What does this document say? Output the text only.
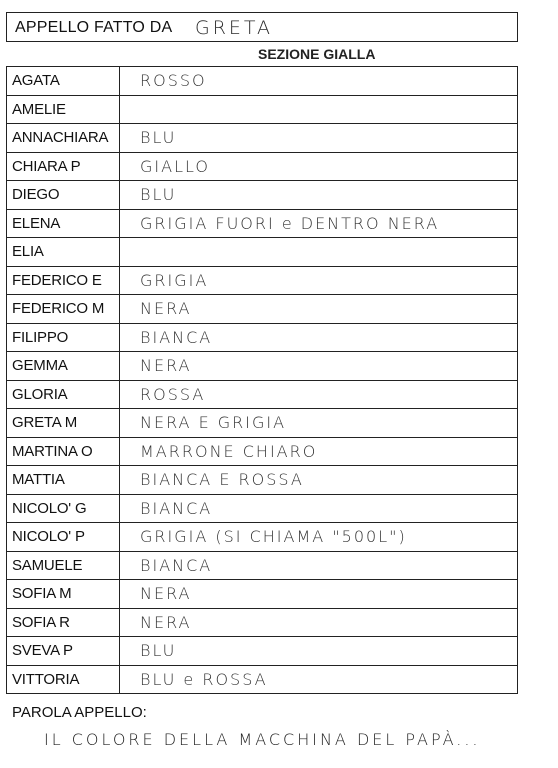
APPELLO FATTO DA GRETA
SEZIONE GIALLA
AGATA	ROSSO
AMELIE	
ANNACHIARA	BLU
CHIARA P	GIALLO
DIEGO	BLU
ELENA	GRIGIA FUORI e DENTRO NERA
ELIA	
FEDERICO E	GRIGIA
FEDERICO M	NERA
FILIPPO	BIANCA
GEMMA	NERA
GLORIA	ROSSA
GRETA M	NERA E GRIGIA
MARTINA O	MARRONE CHIARO
MATTIA	BIANCA E ROSSA
NICOLO' G	BIANCA
NICOLO' P	GRIGIA (SI CHIAMA "500L")
SAMUELE	BIANCA
SOFIA M	NERA
SOFIA R	NERA
SVEVA P	BLU
VITTORIA	BLU e ROSSA
PAROLA APPELLO:
IL COLORE DELLA MACCHINA DEL PAPÀ...
